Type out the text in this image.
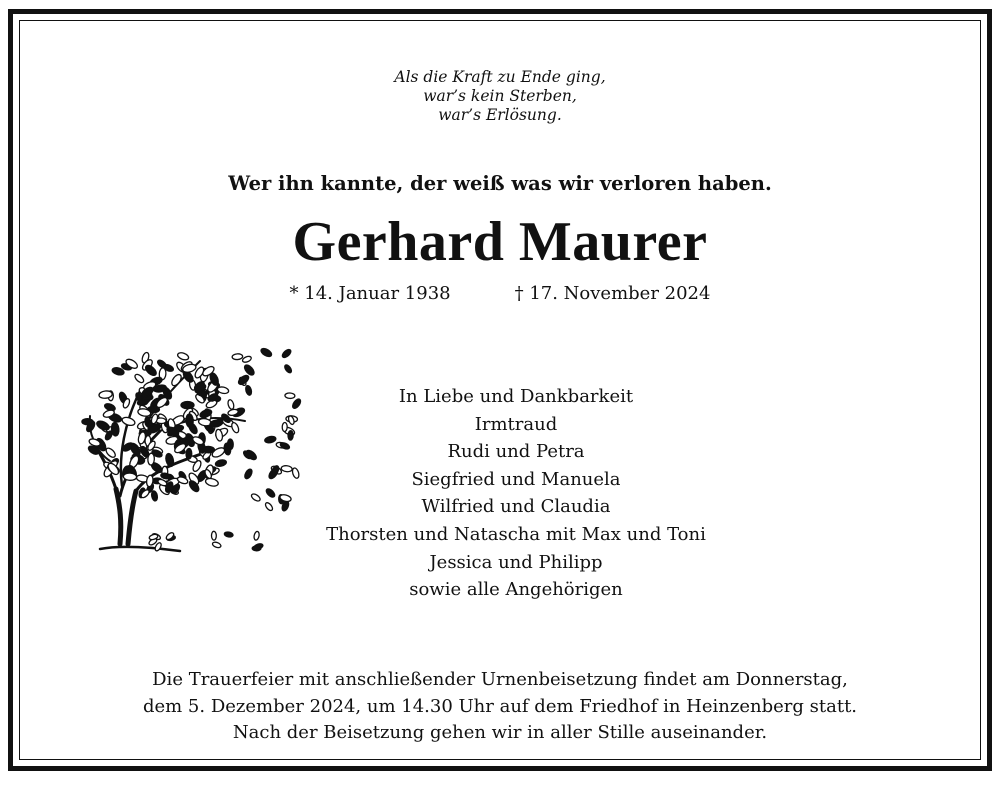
Als die Kraft zu Ende ging,
war’s kein Sterben,
war’s Erlösung.
Wer ihn kannte, der weiß was wir verloren haben.
Gerhard Maurer
* 14. Januar 1938	† 17. November 2024
In Liebe und Dankbarkeit
Irmtraud
Rudi und Petra
Siegfried und Manuela
Wilfried und Claudia
Thorsten und Natascha mit Max und Toni
Jessica und Philipp
sowie alle Angehörigen
Die Trauerfeier mit anschließender Urnenbeisetzung findet am Donnerstag,
dem 5. Dezember 2024, um 14.30 Uhr auf dem Friedhof in Heinzenberg statt.
Nach der Beisetzung gehen wir in aller Stille auseinander.
